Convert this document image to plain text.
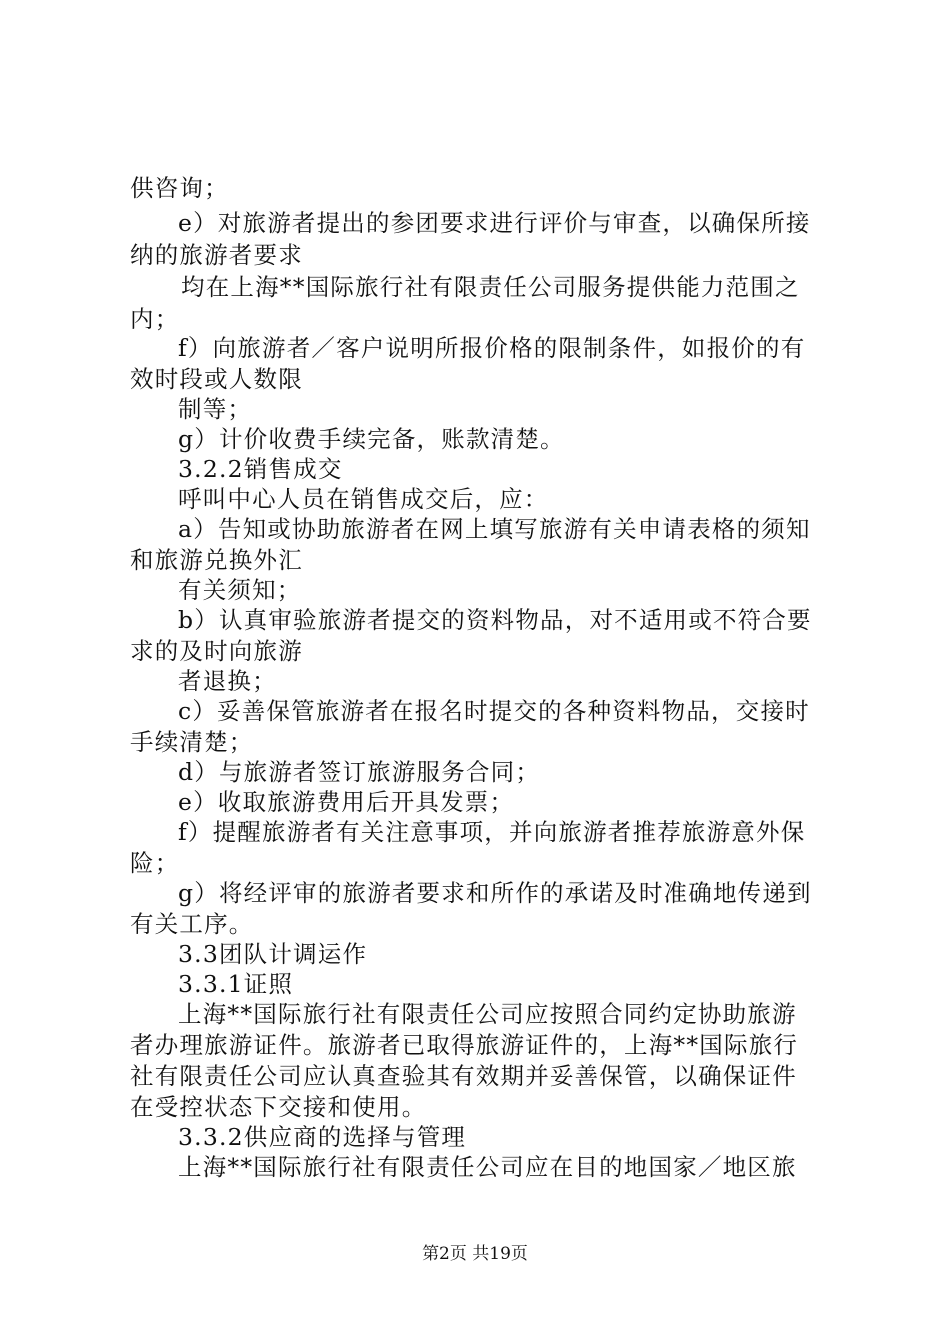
供咨询；
e）对旅游者提出的参团要求进行评价与审查，以确保所接
纳的旅游者要求
均在上海**国际旅行社有限责任公司服务提供能力范围之
内；
f）向旅游者／客户说明所报价格的限制条件，如报价的有
效时段或人数限
制等；
g）计价收费手续完备，账款清楚。
3.2.2销售成交
呼叫中心人员在销售成交后，应：
a）告知或协助旅游者在网上填写旅游有关申请表格的须知
和旅游兑换外汇
有关须知；
b）认真审验旅游者提交的资料物品，对不适用或不符合要
求的及时向旅游
者退换；
c）妥善保管旅游者在报名时提交的各种资料物品，交接时
手续清楚；
d）与旅游者签订旅游服务合同；
e）收取旅游费用后开具发票；
f）提醒旅游者有关注意事项，并向旅游者推荐旅游意外保
险；
g）将经评审的旅游者要求和所作的承诺及时准确地传递到
有关工序。
3.3团队计调运作
3.3.1证照
上海**国际旅行社有限责任公司应按照合同约定协助旅游
者办理旅游证件。旅游者已取得旅游证件的，上海**国际旅行
社有限责任公司应认真查验其有效期并妥善保管，以确保证件
在受控状态下交接和使用。
3.3.2供应商的选择与管理
上海**国际旅行社有限责任公司应在目的地国家／地区旅
第2页 共19页
